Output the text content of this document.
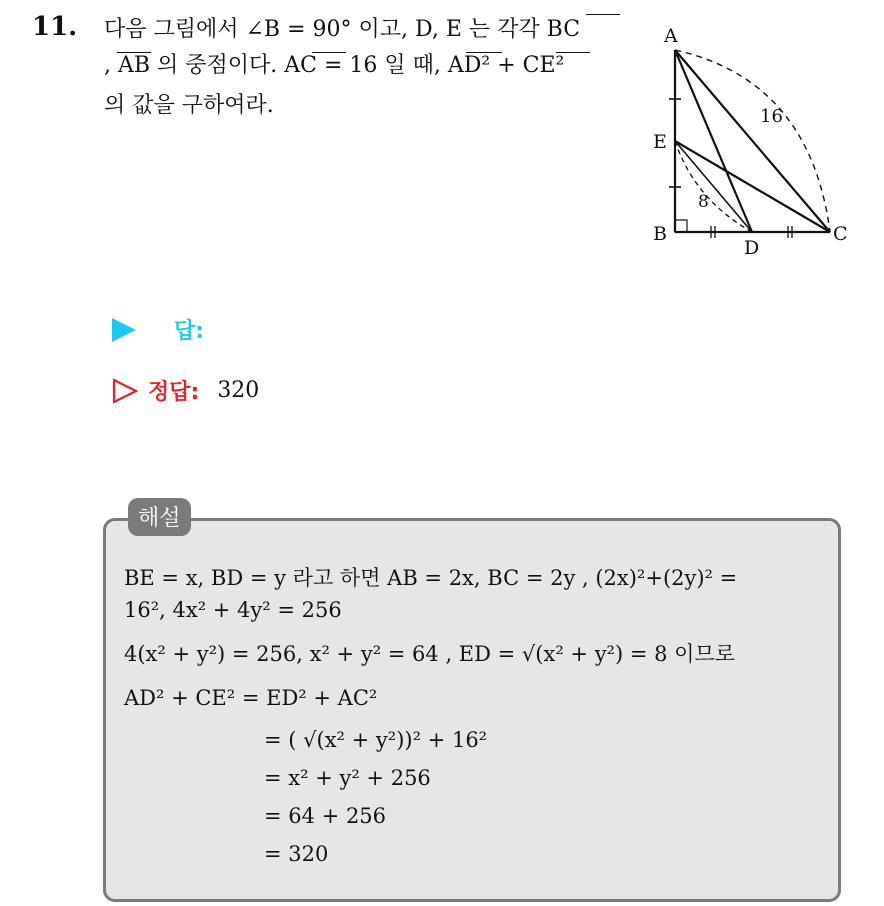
11. 다음 그림에서 ∠B = 90° 이고, D, E 는 각각 BC
, AB 의 중점이다. AC = 16 일 때, AD² + CE²
의 값을 구하여라.
A
E
B
D
C
16
8
답:
정답: 320
해설
BE = x, BD = y 라고 하면 AB = 2x, BC = 2y , (2x)²+(2y)² =
16², 4x² + 4y² = 256
4(x² + y²) = 256, x² + y² = 64 , ED = √(x² + y²) = 8 이므로
AD² + CE² = ED² + AC²
= ( √(x² + y²))² + 16²
= x² + y² + 256
= 64 + 256
= 320
